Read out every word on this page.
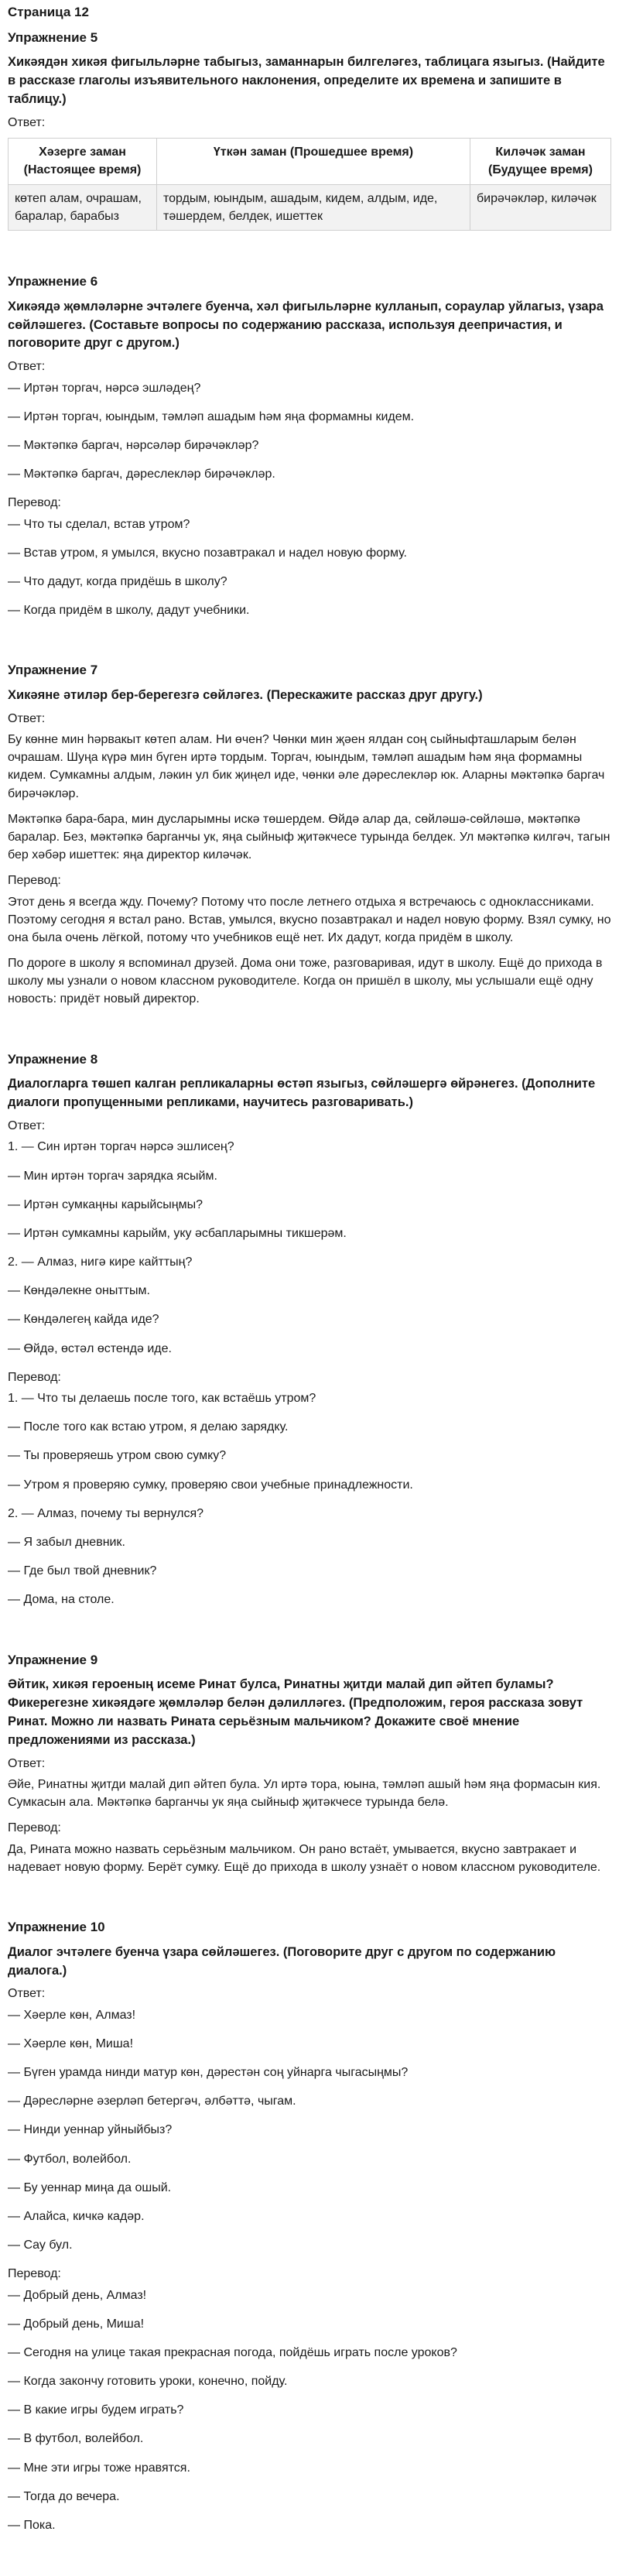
Страница 12
Упражнение 5
Хикәядән хикәя фигыльләрне табыгыз, заманнарын билгеләгез, таблицага языгыз. (Найдите в рассказе глаголы изъявительного наклонения, определите их времена и запишите в таблицу.)
Ответ:
Хәзерге заман (Настоящее время)	Үткән заман (Прошедшее время)	Киләчәк заман (Будущее время)
көтеп алам, очрашам, баралар, барабыз	тордым, юындым, ашадым, кидем, алдым, иде, тәшердем, белдек, ишеттек	бирәчәкләр, киләчәк
Упражнение 6
Хикәядә җөмләләрне эчтәлеге буенча, хәл фигыльләрне кулланып, сораулар уйлагыз, үзара сөйләшегез. (Составьте вопросы по содержанию рассказа, используя деепричастия, и поговорите друг с другом.)
Ответ:
— Иртән торгач, нәрсә эшләдең?
— Иртән торгач, юындым, тәмләп ашадым һәм яңа формамны кидем.
— Мәктәпкә баргач, нәрсәләр бирәчәкләр?
— Мәктәпкә баргач, дәреслекләр бирәчәкләр.
Перевод:
— Что ты сделал, встав утром?
— Встав утром, я умылся, вкусно позавтракал и надел новую форму.
— Что дадут, когда придёшь в школу?
— Когда придём в школу, дадут учебники.
Упражнение 7
Хикәяне әтиләр бер-берегезгә сөйләгез. (Перескажите рассказ друг другу.)
Ответ:
Бу көнне мин һәрвакыт көтеп алам. Ни өчен? Чөнки мин җәен ялдан соң сыйныфташларым белән очрашам. Шуңа күрә мин бүген иртә тордым. Торгач, юындым, тәмләп ашадым һәм яңа формамны кидем. Сумкамны алдым, ләкин ул бик җиңел иде, чөнки әле дәреслекләр юк. Аларны мәктәпкә баргач бирәчәкләр.
Мәктәпкә бара-бара, мин дусларымны искә төшердем. Өйдә алар да, сөйләшә-сөйләшә, мәктәпкә баралар. Без, мәктәпкә барганчы ук, яңа сыйныф җитәкчесе турында белдек. Ул мәктәпкә килгәч, тагын бер хәбәр ишеттек: яңа директор киләчәк.
Перевод:
Этот день я всегда жду. Почему? Потому что после летнего отдыха я встречаюсь с одноклассниками. Поэтому сегодня я встал рано. Встав, умылся, вкусно позавтракал и надел новую форму. Взял сумку, но она была очень лёгкой, потому что учебников ещё нет. Их дадут, когда придём в школу.
По дороге в школу я вспоминал друзей. Дома они тоже, разговаривая, идут в школу. Ещё до прихода в школу мы узнали о новом классном руководителе. Когда он пришёл в школу, мы услышали ещё одну новость: придёт новый директор.
Упражнение 8
Диалогларга төшеп калган репликаларны өстәп языгыз, сөйләшергә өйрәнегез. (Дополните диалоги пропущенными репликами, научитесь разговаривать.)
Ответ:
1. — Син иртән торгач нәрсә эшлисең?
— Мин иртән торгач зарядка ясыйм.
— Иртән сумкаңны карыйсыңмы?
— Иртән сумкамны карыйм, уку әсбапларымны тикшерәм.
2. — Алмаз, нигә кире кайттың?
— Көндәлекне оныттым.
— Көндәлегең кайда иде?
— Өйдә, өстәл өстендә иде.
Перевод:
1. — Что ты делаешь после того, как встаёшь утром?
— После того как встаю утром, я делаю зарядку.
— Ты проверяешь утром свою сумку?
— Утром я проверяю сумку, проверяю свои учебные принадлежности.
2. — Алмаз, почему ты вернулся?
— Я забыл дневник.
— Где был твой дневник?
— Дома, на столе.
Упражнение 9
Әйтик, хикәя героеның исеме Ринат булса, Ринатны җитди малай дип әйтеп буламы? Фикерегезне хикәядәге җөмләләр белән дәлилләгез. (Предположим, героя рассказа зовут Ринат. Можно ли назвать Рината серьёзным мальчиком? Докажите своё мнение предложениями из рассказа.)
Ответ:
Әйе, Ринатны җитди малай дип әйтеп була. Ул иртә тора, юына, тәмләп ашый һәм яңа формасын кия. Сумкасын ала. Мәктәпкә барганчы ук яңа сыйныф җитәкчесе турында белә.
Перевод:
Да, Рината можно назвать серьёзным мальчиком. Он рано встаёт, умывается, вкусно завтракает и надевает новую форму. Берёт сумку. Ещё до прихода в школу узнаёт о новом классном руководителе.
Упражнение 10
Диалог эчтәлеге буенча үзара сөйләшегез. (Поговорите друг с другом по содержанию диалога.)
Ответ:
— Хәерле көн, Алмаз!
— Хәерле көн, Миша!
— Бүген урамда нинди матур көн, дәрестән соң уйнарга чыгасыңмы?
— Дәресләрне әзерләп бетергәч, әлбәттә, чыгам.
— Нинди уеннар уйныйбыз?
— Футбол, волейбол.
— Бу уеннар миңа да ошый.
— Алайса, кичкә кадәр.
— Сау бул.
Перевод:
— Добрый день, Алмаз!
— Добрый день, Миша!
— Сегодня на улице такая прекрасная погода, пойдёшь играть после уроков?
— Когда закончу готовить уроки, конечно, пойду.
— В какие игры будем играть?
— В футбол, волейбол.
— Мне эти игры тоже нравятся.
— Тогда до вечера.
— Пока.
